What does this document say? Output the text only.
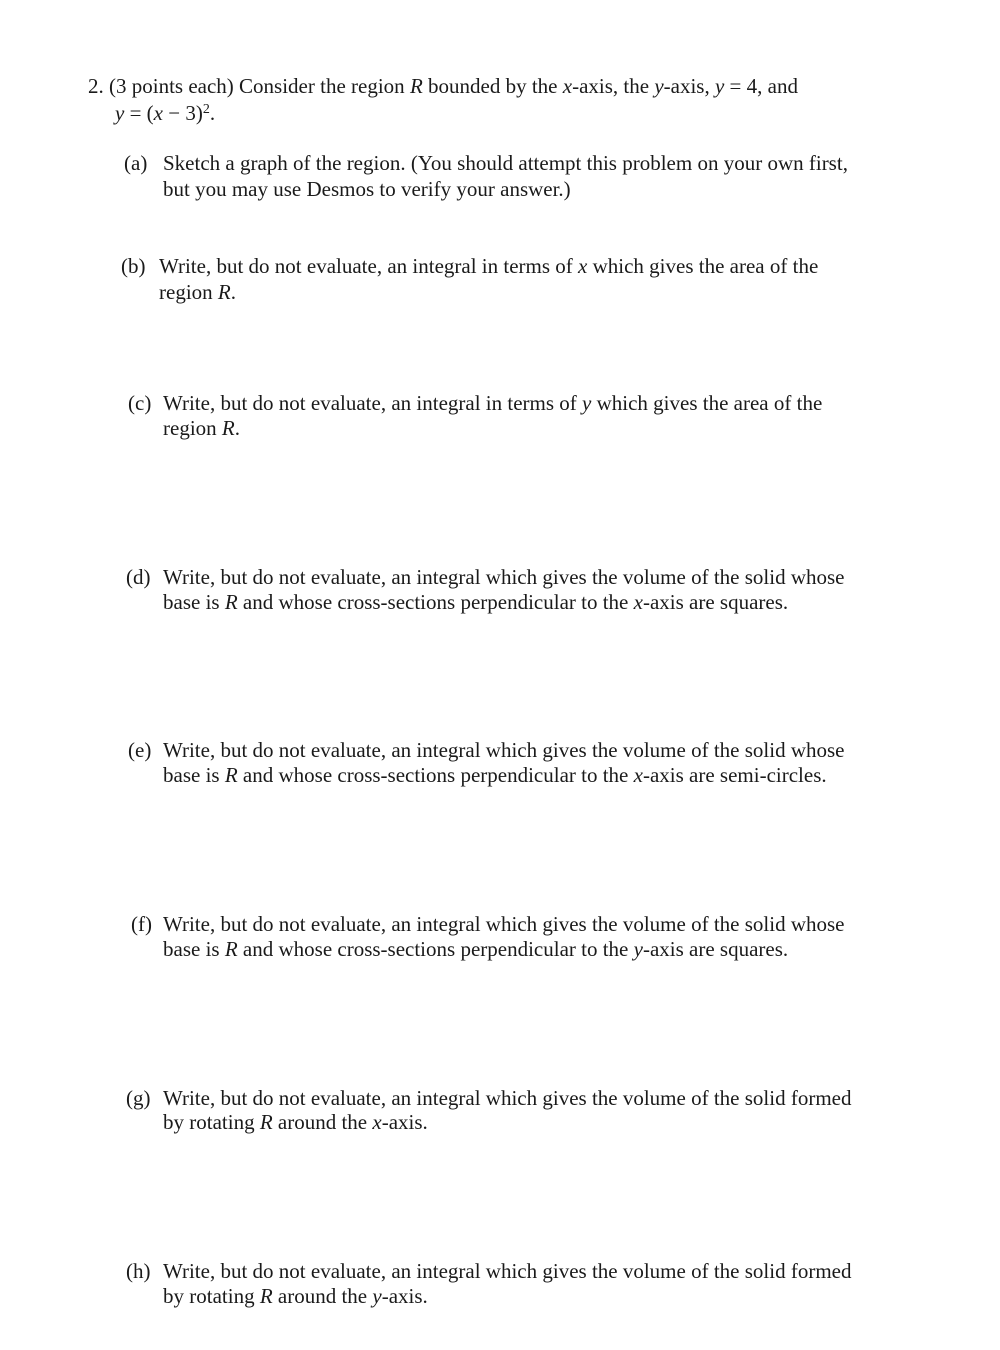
2. (3 points each) Consider the region R bounded by the x-axis, the y-axis, y = 4, and
$y = (x - 3)^2$.
(a) Sketch a graph of the region. (You should attempt this problem on your own first,
but you may use Desmos to verify your answer.)
(b) Write, but do not evaluate, an integral in terms of x which gives the area of the
region R.
(c) Write, but do not evaluate, an integral in terms of y which gives the area of the
region R.
(d) Write, but do not evaluate, an integral which gives the volume of the solid whose
base is R and whose cross-sections perpendicular to the x-axis are squares.
(e) Write, but do not evaluate, an integral which gives the volume of the solid whose
base is R and whose cross-sections perpendicular to the x-axis are semi-circles.
(f) Write, but do not evaluate, an integral which gives the volume of the solid whose
base is R and whose cross-sections perpendicular to the y-axis are squares.
(g) Write, but do not evaluate, an integral which gives the volume of the solid formed
by rotating R around the x-axis.
(h) Write, but do not evaluate, an integral which gives the volume of the solid formed
by rotating R around the y-axis.
